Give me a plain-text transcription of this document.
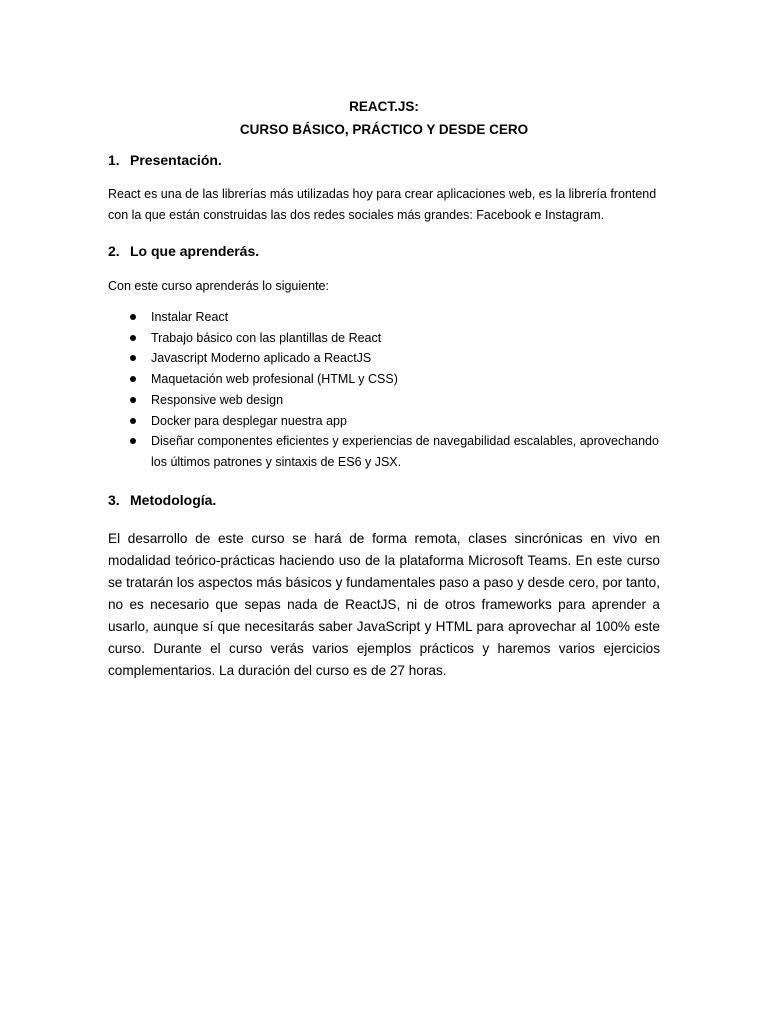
REACT.JS:
CURSO BÁSICO, PRÁCTICO Y DESDE CERO
1. Presentación.
React es una de las librerías más utilizadas hoy para crear aplicaciones web, es la librería frontend
con la que están construidas las dos redes sociales más grandes: Facebook e Instagram.
2. Lo que aprenderás.
Con este curso aprenderás lo siguiente:
Instalar React
Trabajo básico con las plantillas de React
Javascript Moderno aplicado a ReactJS
Maquetación web profesional (HTML y CSS)
Responsive web design
Docker para desplegar nuestra app
Diseñar componentes eficientes y experiencias de navegabilidad escalables, aprovechando
los últimos patrones y sintaxis de ES6 y JSX.
3. Metodología.
El desarrollo de este curso se hará de forma remota, clases sincrónicas en vivo en
modalidad teórico-prácticas haciendo uso de la plataforma Microsoft Teams. En este curso
se tratarán los aspectos más básicos y fundamentales paso a paso y desde cero, por tanto,
no es necesario que sepas nada de ReactJS, ni de otros frameworks para aprender a
usarlo, aunque sí que necesitarás saber JavaScript y HTML para aprovechar al 100% este
curso. Durante el curso verás varios ejemplos prácticos y haremos varios ejercicios
complementarios. La duración del curso es de 27 horas.
